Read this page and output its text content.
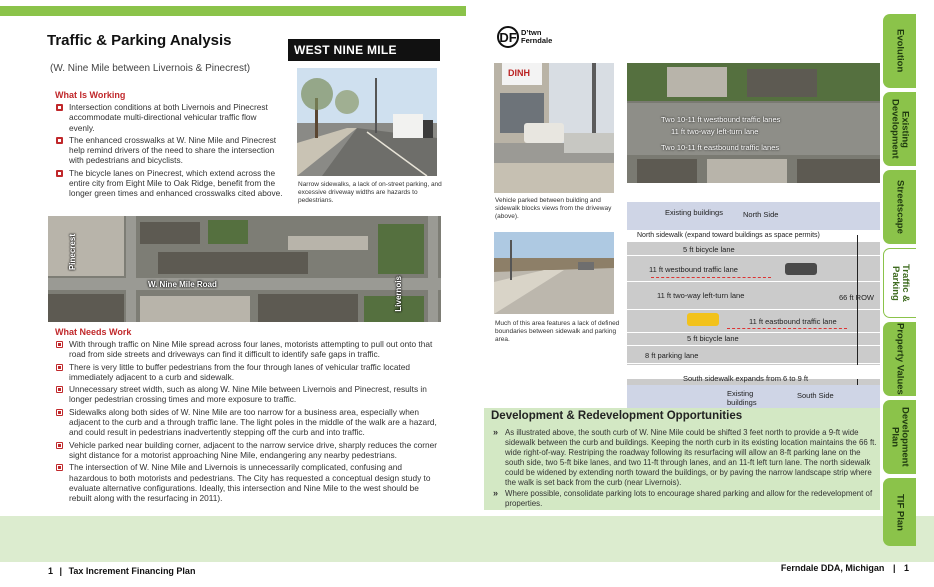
Traffic & Parking Analysis
(W. Nine Mile between Livernois & Pinecrest)
WEST NINE MILE
What Is Working
Intersection conditions at both Livernois and Pinecrest accommodate multi-directional vehicular traffic flow evenly.
The enhanced crosswalks at W. Nine Mile and Pinecrest help remind drivers of the need to share the intersection with pedestrians and bicyclists.
The bicycle lanes on Pinecrest, which extend across the entire city from Eight Mile to Oak Ridge, benefit from the longer green times and enhanced crosswalks cited above.
Narrow sidewalks, a lack of on-street parking, and excessive driveway widths are hazards to pedestrians.
Pinecrest
W. Nine Mile Road	Livernois
What Needs Work
With through traffic on Nine Mile spread across four lanes, motorists attempting to pull out onto that road from side streets and driveways can find it difficult to identify safe gaps in traffic.
There is very little to buffer pedestrians from the four through lanes of vehicular traffic located immediately adjacent to a curb and sidewalk.
Unnecessary street width, such as along W. Nine Mile between Livernois and Pinecrest, results in longer pedestrian crossing times and more exposure to traffic.
Sidewalks along both sides of W. Nine Mile are too narrow for a business area, especially when adjacent to the curb and a through traffic lane. The light poles in the middle of the walk are a hazard, and could result in pedestrians inadvertently stepping off the curb and into traffic.
Vehicle parked near building corner, adjacent to the narrow service drive, sharply reduces the corner sight distance for a motorist approaching Nine Mile, endangering any nearby pedestrians.
The intersection of W. Nine Mile and Livernois is unnecessarily complicated, confusing and hazardous to both motorists and pedestrians. The City has requested a conceptual design study to evaluate alternative configurations. Ideally, this intersection and Nine Mile to the west should be rebuilt along with the resurfacing in 2011).
DF D’twn
Ferndale
DINH
Vehicle parked between building and sidewalk blocks views from the driveway (above).
Two 10-11 ft westbound traffic lanes
11 ft two-way left-turn lane
Two 10-11 ft eastbound traffic lanes
Existing buildings	North Side
North sidewalk (expand toward buildings as space permits)
5 ft bicycle lane
11 ft westbound traffic lane
11 ft two-way left-turn lane	66 ft ROW
11 ft eastbound traffic lane
5 ft bicycle lane
8 ft parking lane
South sidewalk expands from 6 to 9 ft
Existing buildings
South Side
Much of this area features a lack of defined boundaries between sidewalk and parking area.
Development & Redevelopment Opportunities
» As illustrated above, the south curb of W. Nine Mile could be shifted 3 feet north to provide a 9-ft wide sidewalk between the curb and buildings. Keeping the north curb in its existing location maintains the 66 ft. wide right-of-way. Restriping the roadway following its resurfacing will allow an 8-ft parking lane on the south side, two 5-ft bike lanes, and two 11-ft through lanes, and an 11-ft left turn lane. The north sidewalk could be widened by extending north toward the buildings, or by paving the narrow landscape strip where the walk is set back from the curb (near Livernois).
» Where possible, consolidate parking lots to encourage shared parking and allow for the redevelopment of properties.
1 | Tax Increment Financing Plan	Ferndale DDA, Michigan | 1
Evolution
Existing Development
Streetscape
Traffic & Parking
Property Values
Development Plan
TIF Plan
